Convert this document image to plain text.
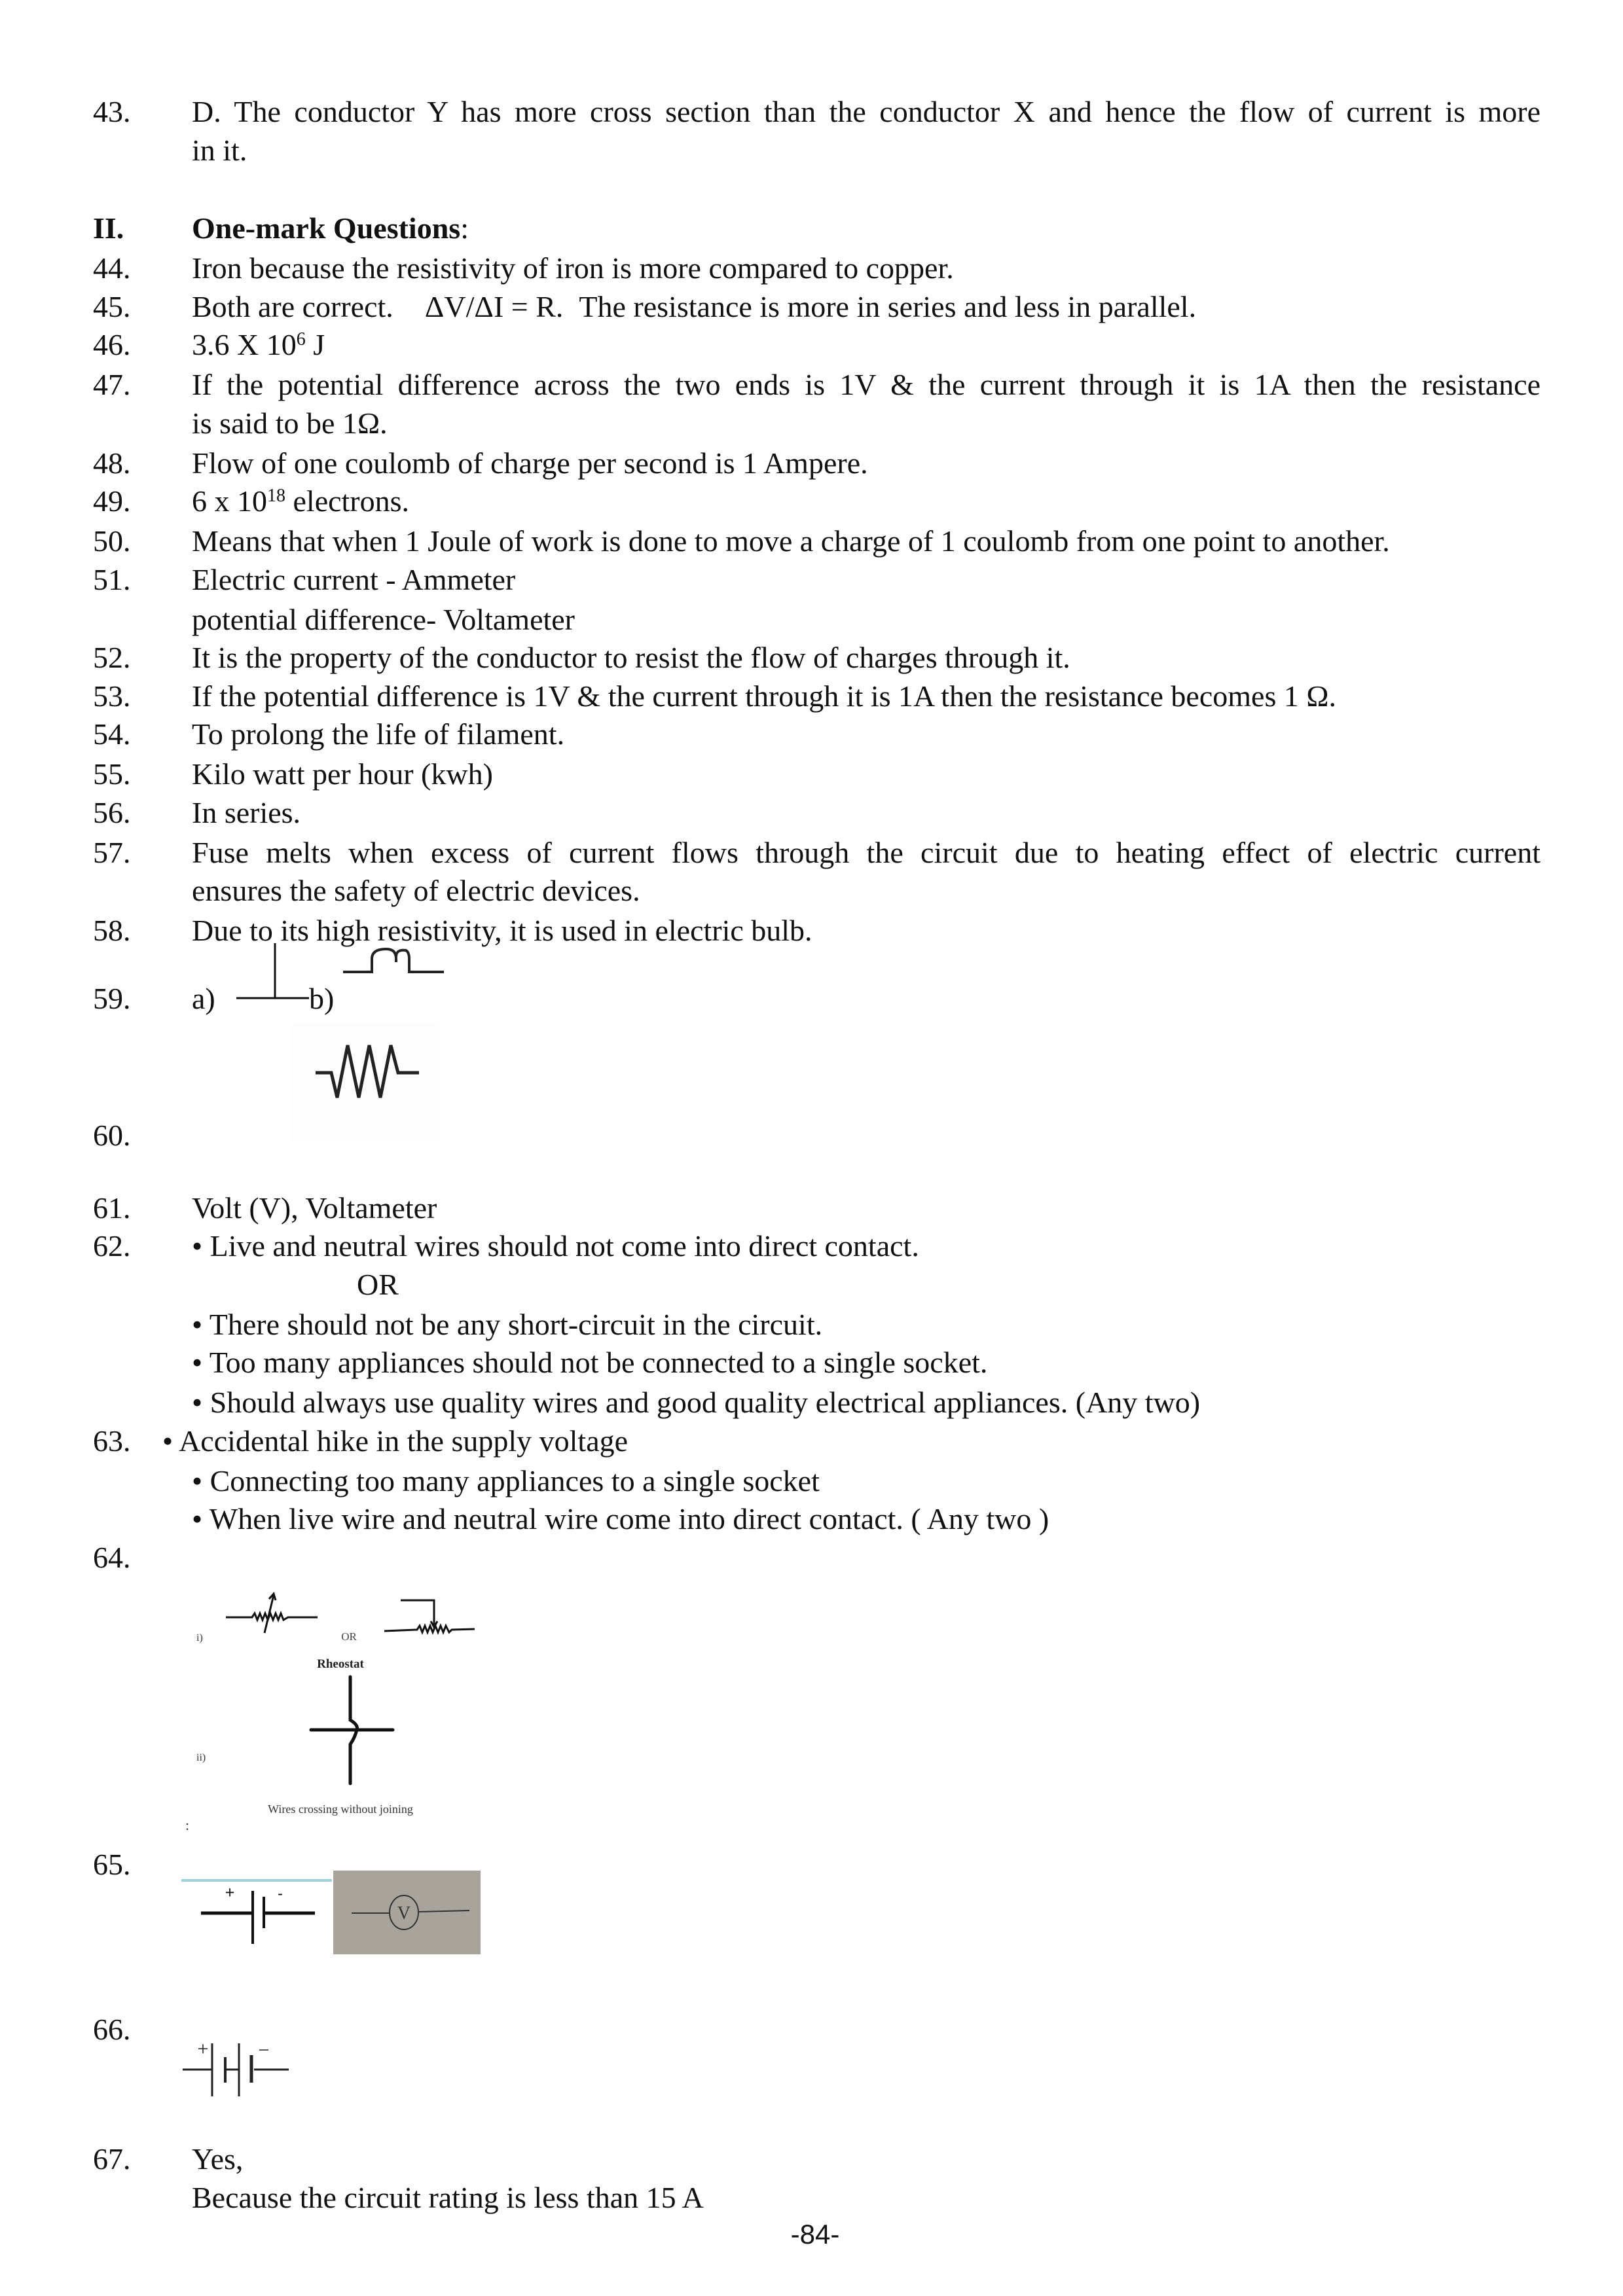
43. D. The conductor Y has more cross section than the conductor X and hence the flow of current is more
in it.
II. One-mark Questions:
44. Iron because the resistivity of iron is more compared to copper.
45. Both are correct. ΔV/ΔI = R. The resistance is more in series and less in parallel.
46. 3.6 X $10^6$ J
47. If the potential difference across the two ends is 1V & the current through it is 1A then the resistance
is said to be 1Ω.
48. Flow of one coulomb of charge per second is 1 Ampere.
49. 6 x $10^{18}$ electrons.
50. Means that when 1 Joule of work is done to move a charge of 1 coulomb from one point to another.
51. Electric current - Ammeter
potential difference- Voltameter
52. It is the property of the conductor to resist the flow of charges through it.
53. If the potential difference is 1V & the current through it is 1A then the resistance becomes 1 Ω.
54. To prolong the life of filament.
55. Kilo watt per hour (kwh)
56. In series.
57. Fuse melts when excess of current flows through the circuit due to heating effect of electric current
ensures the safety of electric devices.
58. Due to its high resistivity, it is used in electric bulb.
59. a)	b)
60.
61. Volt (V), Voltameter
62. • Live and neutral wires should not come into direct contact.
OR
• There should not be any short-circuit in the circuit.
• Too many appliances should not be connected to a single socket.
• Should always use quality wires and good quality electrical appliances. (Any two)
63. • Accidental hike in the supply voltage
• Connecting too many appliances to a single socket
• When live wire and neutral wire come into direct contact. ( Any two )
64.
65.
66.
67. Yes,
Because the circuit rating is less than 15 A
-84-
i)	OR
Rheostat
ii)
Wires crossing without joining
:
+	-
V
+	−
